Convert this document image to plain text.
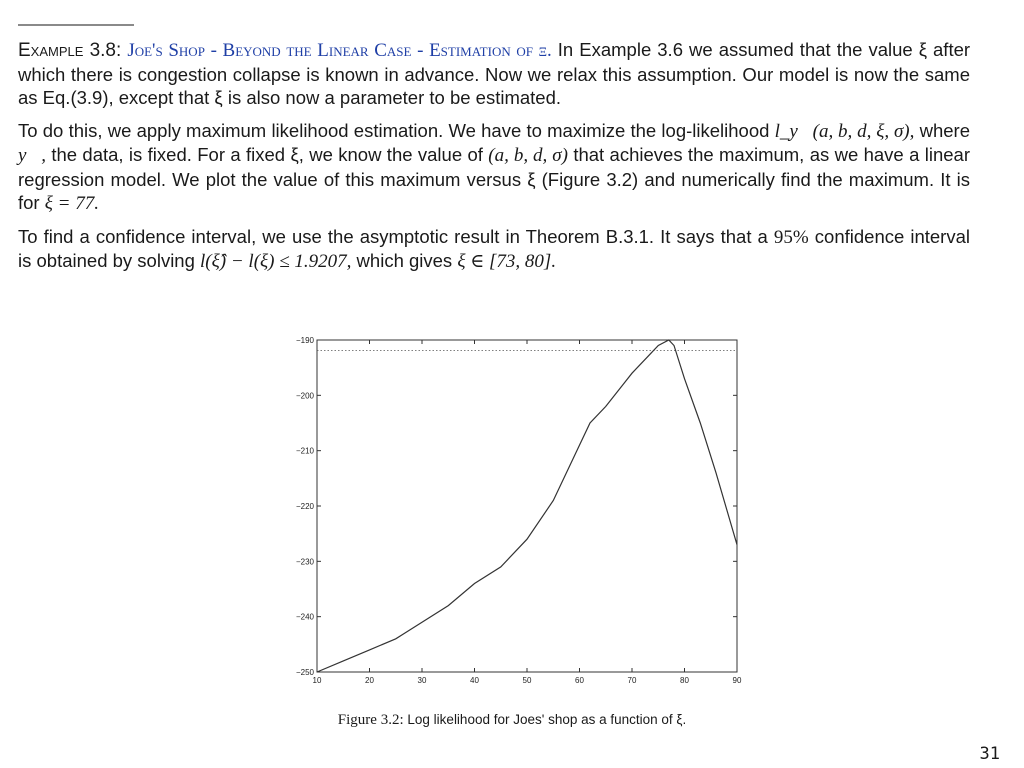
Example 3.8: Joe's Shop - Beyond the Linear Case - Estimation of ξ. In Example 3.6 we assumed that the value ξ after which there is congestion collapse is known in advance. Now we relax this assumption. Our model is now the same as Eq.(3.9), except that ξ is also now a parameter to be estimated.

To do this, we apply maximum likelihood estimation. We have to maximize the log-likelihood l_y⃗(a, b, d, ξ, σ), where y⃗, the data, is fixed. For a fixed ξ, we know the value of (a, b, d, σ) that achieves the maximum, as we have a linear regression model. We plot the value of this maximum versus ξ (Figure 3.2) and numerically find the maximum. It is for ξ = 77.

To find a confidence interval, we use the asymptotic result in Theorem B.3.1. It says that a 95% confidence interval is obtained by solving l(ξ̂) − l(ξ) ≤ 1.9207, which gives ξ ∈ [73, 80].

10	20	30	40	50	60	70	80	90
−190
−200
−210
−220
−230
−240
−250
Figure 3.2: Log likelihood for Joes' shop as a function of ξ.
31
